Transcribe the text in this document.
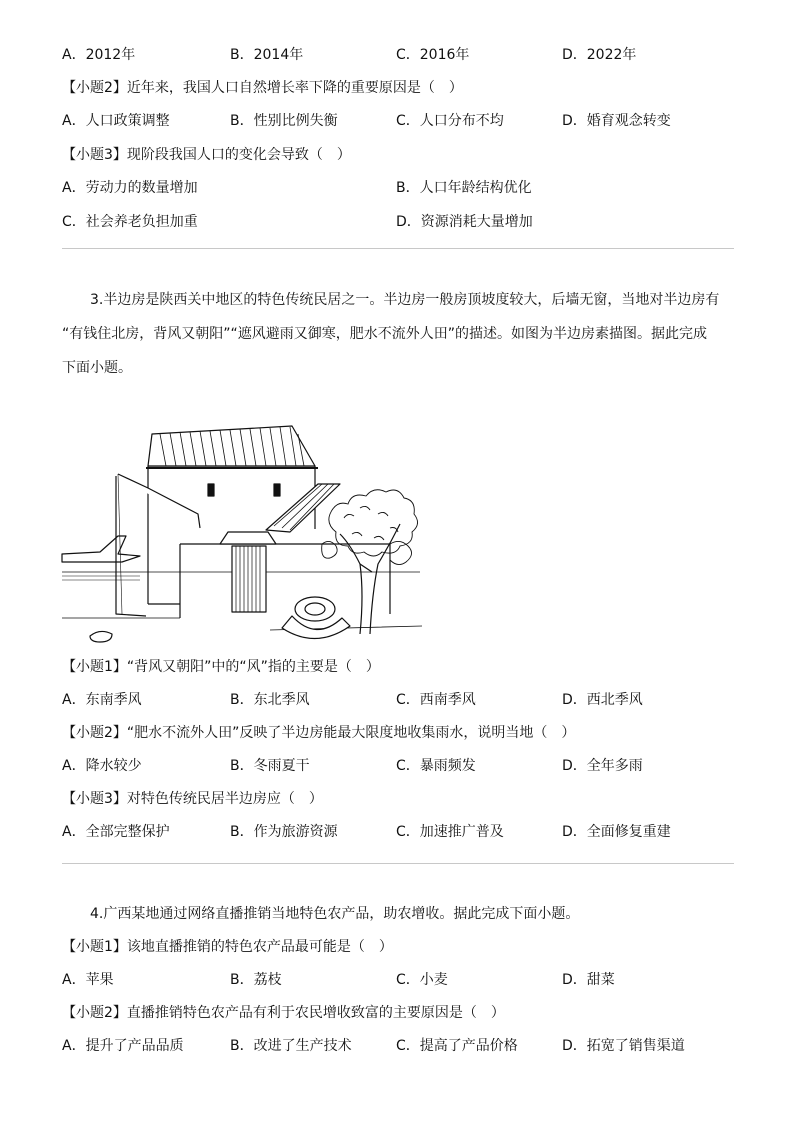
A．2012年	B．2014年	C．2016年	D．2022年
【小题2】近年来，我国人口自然增长率下降的重要原因是（　）
A．人口政策调整	B．性别比例失衡	C．人口分布不均	D．婚育观念转变
【小题3】现阶段我国人口的变化会导致（　）
A．劳动力的数量增加	B．人口年龄结构优化
C．社会养老负担加重	D．资源消耗大量增加
3.半边房是陕西关中地区的特色传统民居之一。半边房一般房顶坡度较大，后墙无窗，当地对半边房有
“有钱住北房，背风又朝阳”“遮风避雨又御寒，肥水不流外人田”的描述。如图为半边房素描图。据此完成
下面小题。
【小题1】“背风又朝阳”中的“风”指的主要是（　）
A．东南季风	B．东北季风	C．西南季风	D．西北季风
【小题2】“肥水不流外人田”反映了半边房能最大限度地收集雨水，说明当地（　）
A．降水较少	B．冬雨夏干	C．暴雨频发	D．全年多雨
【小题3】对特色传统民居半边房应（　）
A．全部完整保护	B．作为旅游资源	C．加速推广普及	D．全面修复重建
4.广西某地通过网络直播推销当地特色农产品，助农增收。据此完成下面小题。
【小题1】该地直播推销的特色农产品最可能是（　）
A．苹果	B．荔枝	C．小麦	D．甜菜
【小题2】直播推销特色农产品有利于农民增收致富的主要原因是（　）
A．提升了产品品质	B．改进了生产技术	C．提高了产品价格	D．拓宽了销售渠道
